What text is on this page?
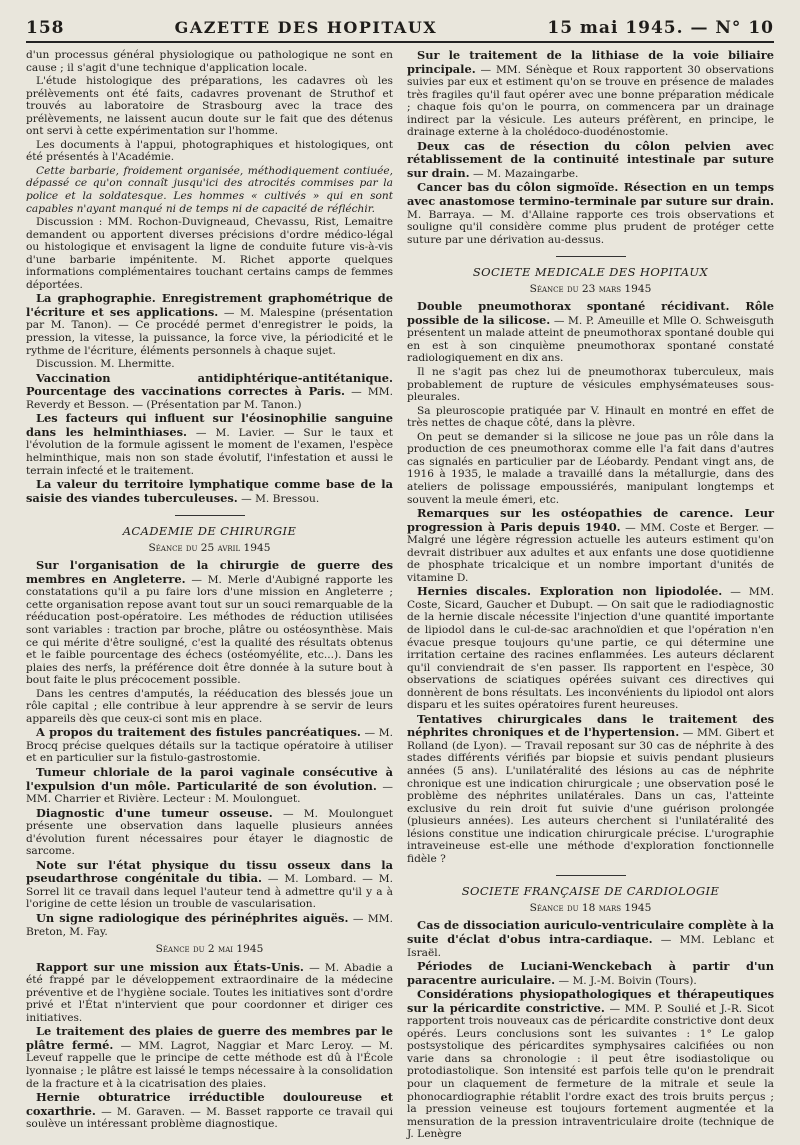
158	GAZETTE DES HOPITAUX	15 mai 1945. — N° 10

d'un processus général physiologique ou pathologique ne sont en cause ; il s'agit d'une technique d'application locale.

L'étude histologique des préparations, les cadavres où les prélèvements ont été faits, cadavres provenant de Struthof et trouvés au laboratoire de Strasbourg avec la trace des prélèvements, ne laissent aucun doute sur le fait que des détenus ont servi à cette expérimentation sur l'homme.

Les documents à l'appui, photographiques et histologiques, ont été présentés à l'Académie.

Cette barbarie, froidement organisée, méthodiquement contiuée, dépassé ce qu'on connaît jusqu'ici des atrocités commises par la police et la soldatesque. Les hommes « cultivés » qui en sont capables n'ayant manqué ni de temps ni de capacité de réfléchir.

Discussion : MM. Rochon-Duvigneaud, Chevassu, Rist, Lemaitre demandent ou apportent diverses précisions d'ordre médico-légal ou histologique et envisagent la ligne de conduite future vis-à-vis d'une barbarie impénitente. M. Richet apporte quelques informations complémentaires touchant certains camps de femmes déportées.

La graphographie. Enregistrement graphométrique de l'écriture et ses applications. — M. Malespine (présentation par M. Tanon). — Ce procédé permet d'enregistrer le poids, la pression, la vitesse, la puissance, la force vive, la périodicité et le rythme de l'écriture, éléments personnels à chaque sujet.

Discussion. M. Lhermitte.

Vaccination antidiphtérique-antitétanique. Pourcentage des vaccinations correctes à Paris. — MM. Reverdy et Besson. — (Présentation par M. Tanon.)

Les facteurs qui influent sur l'éosinophilie sanguine dans les helminthiases. — M. Lavier. — Sur le taux et l'évolution de la formule agissent le moment de l'examen, l'espèce helminthique, mais non son stade évolutif, l'infestation et aussi le terrain infecté et le traitement.

La valeur du territoire lymphatique comme base de la saisie des viandes tuberculeuses. — M. Bressou.

ACADEMIE DE CHIRURGIE
Séance du 25 avril 1945

Sur l'organisation de la chirurgie de guerre des membres en Angleterre. — M. Merle d'Aubigné rapporte les constatations qu'il a pu faire lors d'une mission en Angleterre ; cette organisation repose avant tout sur un souci remarquable de la rééducation post-opératoire. Les méthodes de réduction utilisées sont variables : traction par broche, plâtre ou ostéosynthèse. Mais ce qui mérite d'être souligné, c'est la qualité des résultats obtenus et le faible pourcentage des échecs (ostéomyélite, etc...). Dans les plaies des nerfs, la préférence doit être donnée à la suture bout à bout faite le plus précocement possible.

Dans les centres d'amputés, la rééducation des blessés joue un rôle capital ; elle contribue à leur apprendre à se servir de leurs appareils dès que ceux-ci sont mis en place.

A propos du traitement des fistules pancréatiques. — M. Brocq précise quelques détails sur la tactique opératoire à utiliser et en particulier sur la fistulo-gastrostomie.

Tumeur chloriale de la paroi vaginale consécutive à l'expulsion d'un môle. Particularité de son évolution. — MM. Charrier et Rivière. Lecteur : M. Moulonguet.

Diagnostic d'une tumeur osseuse. — M. Moulonguet présente une observation dans laquelle plusieurs années d'évolution furent nécessaires pour étayer le diagnostic de sarcome.

Note sur l'état physique du tissu osseux dans la pseudarthrose congénitale du tibia. — M. Lombard. — M. Sorrel lit ce travail dans lequel l'auteur tend à admettre qu'il y a à l'origine de cette lésion un trouble de vascularisation.

Un signe radiologique des périnéphrites aiguës. — MM. Breton, M. Fay.

Séance du 2 mai 1945

Rapport sur une mission aux États-Unis. — M. Abadie a été frappé par le développement extraordinaire de la médecine préventive et de l'hygiène sociale. Toutes les initiatives sont d'ordre privé et l'État n'intervient que pour coordonner et diriger ces initiatives.

Le traitement des plaies de guerre des membres par le plâtre fermé. — MM. Lagrot, Naggiar et Marc Leroy. — M. Leveuf rappelle que le principe de cette méthode est dû à l'École lyonnaise ; le plâtre est laissé le temps nécessaire à la consolidation de la fracture et à la cicatrisation des plaies.

Hernie obturatrice irréductible douloureuse et coxarthrie. — M. Garaven. — M. Basset rapporte ce travail qui soulève un intéressant problème diagnostique.

Sur le traitement de la lithiase de la voie biliaire principale. — MM. Sénèque et Roux rapportent 30 observations suivies par eux et estiment qu'on se trouve en présence de malades très fragiles qu'il faut opérer avec une bonne préparation médicale ; chaque fois qu'on le pourra, on commencera par un drainage indirect par la vésicule. Les auteurs préfèrent, en principe, le drainage externe à la cholédoco-duodénostomie.

Deux cas de résection du côlon pelvien avec rétablissement de la continuité intestinale par suture sur drain. — M. Mazaingarbe.

Cancer bas du côlon sigmoïde. Résection en un temps avec anastomose termino-terminale par suture sur drain. M. Barraya. — M. d'Allaine rapporte ces trois observations et souligne qu'il considère comme plus prudent de protéger cette suture par une dérivation au-dessus.

SOCIETE MEDICALE DES HOPITAUX
Séance du 23 mars 1945

Double pneumothorax spontané récidivant. Rôle possible de la silicose. — M. P. Ameuille et Mlle O. Schweisguth présentent un malade atteint de pneumothorax spontané double qui en est à son cinquième pneumothorax spontané constaté radiologiquement en dix ans.

Il ne s'agit pas chez lui de pneumothorax tuberculeux, mais probablement de rupture de vésicules emphysémateuses sous-pleurales.

Sa pleuroscopie pratiquée par V. Hinault en montré en effet de très nettes de chaque côté, dans la plèvre.

On peut se demander si la silicose ne joue pas un rôle dans la production de ces pneumothorax comme elle l'a fait dans d'autres cas signalés en particulier par de Léobardy. Pendant vingt ans, de 1916 à 1935, le malade a travaillé dans la métallurgie, dans des ateliers de polissage empoussiérés, manipulant longtemps et souvent la meule émeri, etc.

Remarques sur les ostéopathies de carence. Leur progression à Paris depuis 1940. — MM. Coste et Berger. — Malgré une légère régression actuelle les auteurs estiment qu'on devrait distribuer aux adultes et aux enfants une dose quotidienne de phosphate tricalcique et un nombre important d'unités de vitamine D.

Hernies discales. Exploration non lipiodolée. — MM. Coste, Sicard, Gaucher et Dubupt. — On sait que le radiodiagnostic de la hernie discale nécessite l'injection d'une quantité importante de lipiodol dans le cul-de-sac arachnoïdien et que l'opération n'en évacue presque toujours qu'une partie, ce qui détermine une irritation certaine des racines enflammées. Les auteurs déclarent qu'il conviendrait de s'en passer. Ils rapportent en l'espèce, 30 observations de sciatiques opérées suivant ces directives qui donnèrent de bons résultats. Les inconvénients du lipiodol ont alors disparu et les suites opératoires furent heureuses.

Tentatives chirurgicales dans le traitement des néphrites chroniques et de l'hypertension. — MM. Gibert et Rolland (de Lyon). — Travail reposant sur 30 cas de néphrite à des stades différents vérifiés par biopsie et suivis pendant plusieurs années (5 ans). L'unilatéralité des lésions au cas de néphrite chronique est une indication chirurgicale ; une observation posé le problème des néphrites unilatérales. Dans un cas, l'atteinte exclusive du rein droit fut suivie d'une guérison prolongée (plusieurs années). Les auteurs cherchent si l'unilatéralité des lésions constitue une indication chirurgicale précise. L'urographie intraveineuse est-elle une méthode d'exploration fonctionnelle fidèle ?

SOCIETE FRANÇAISE DE CARDIOLOGIE
Séance du 18 mars 1945

Cas de dissociation auriculo-ventriculaire complète à la suite d'éclat d'obus intra-cardiaque. — MM. Leblanc et Israël.

Périodes de Luciani-Wenckebach à partir d'un paracentre auriculaire. — M. J.-M. Boivin (Tours).

Considérations physiopathologiques et thérapeutiques sur la péricardite constrictive. — MM. P. Soulié et J.-R. Sicot rapportent trois nouveaux cas de péricardite constrictive dont deux opérés. Leurs conclusions sont les suivantes : 1° Le galop postsystolique des péricardites symphysaires calcifiées ou non varie dans sa chronologie : il peut être isodiastolique ou protodiastolique. Son intensité est parfois telle qu'on le prendrait pour un claquement de fermeture de la mitrale et seule la phonocardiographie rétablit l'ordre exact des trois bruits perçus ; la pression veineuse est toujours fortement augmentée et la mensuration de la pression intraventriculaire droite (technique de J. Lenègre
